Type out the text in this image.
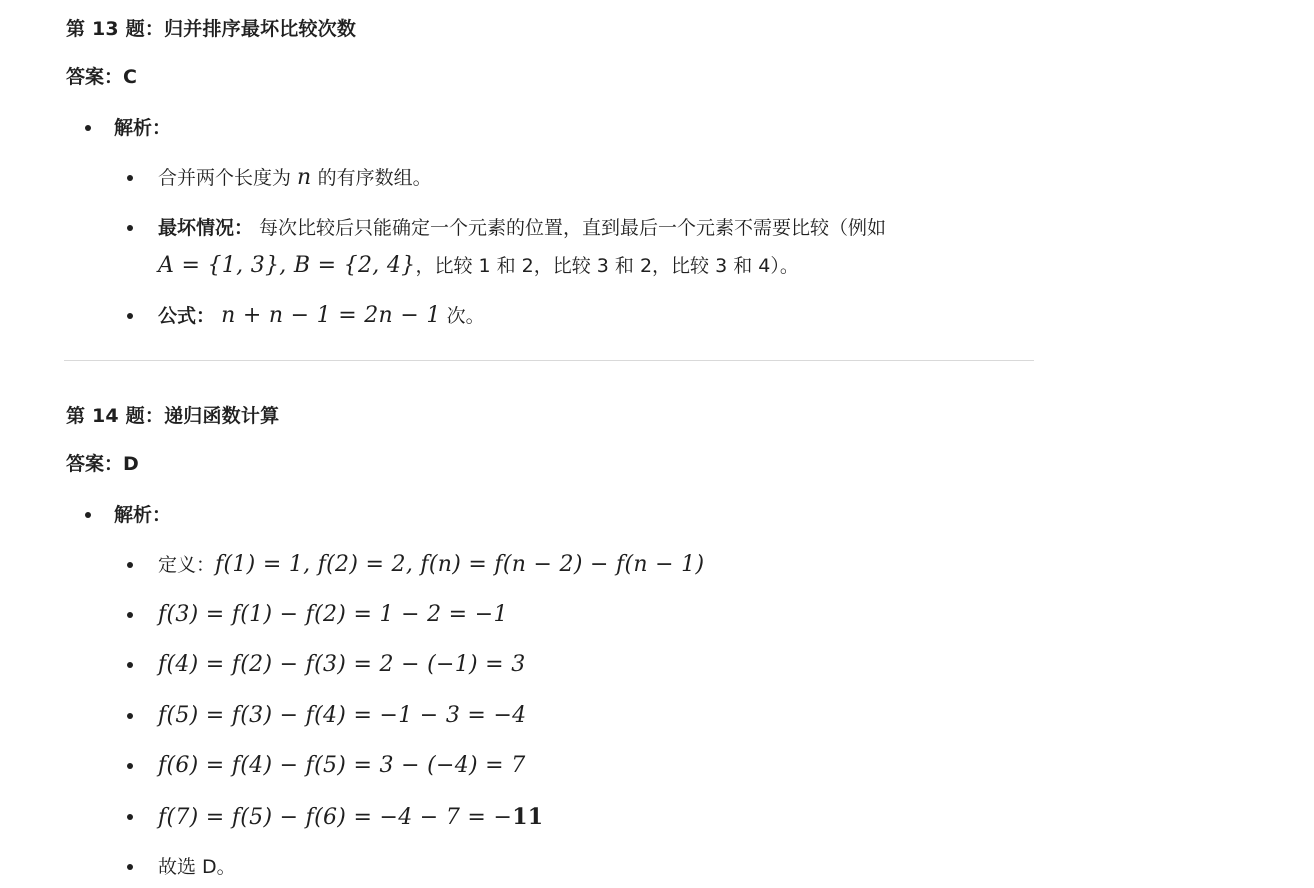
第 13 题：归并排序最坏比较次数
答案：C
解析：
合并两个长度为 n 的有序数组。
最坏情况： 每次比较后只能确定一个元素的位置，直到最后一个元素不需要比较（例如
A = {1, 3}, B = {2, 4}，比较 1 和 2，比较 3 和 2，比较 3 和 4）。
公式： n + n − 1 = 2n − 1 次。
第 14 题：递归函数计算
答案：D
解析：
定义：f(1) = 1, f(2) = 2, f(n) = f(n − 2) − f(n − 1)
f(3) = f(1) − f(2) = 1 − 2 = −1
f(4) = f(2) − f(3) = 2 − (−1) = 3
f(5) = f(3) − f(4) = −1 − 3 = −4
f(6) = f(4) − f(5) = 3 − (−4) = 7
f(7) = f(5) − f(6) = −4 − 7 = −11
故选 D。
